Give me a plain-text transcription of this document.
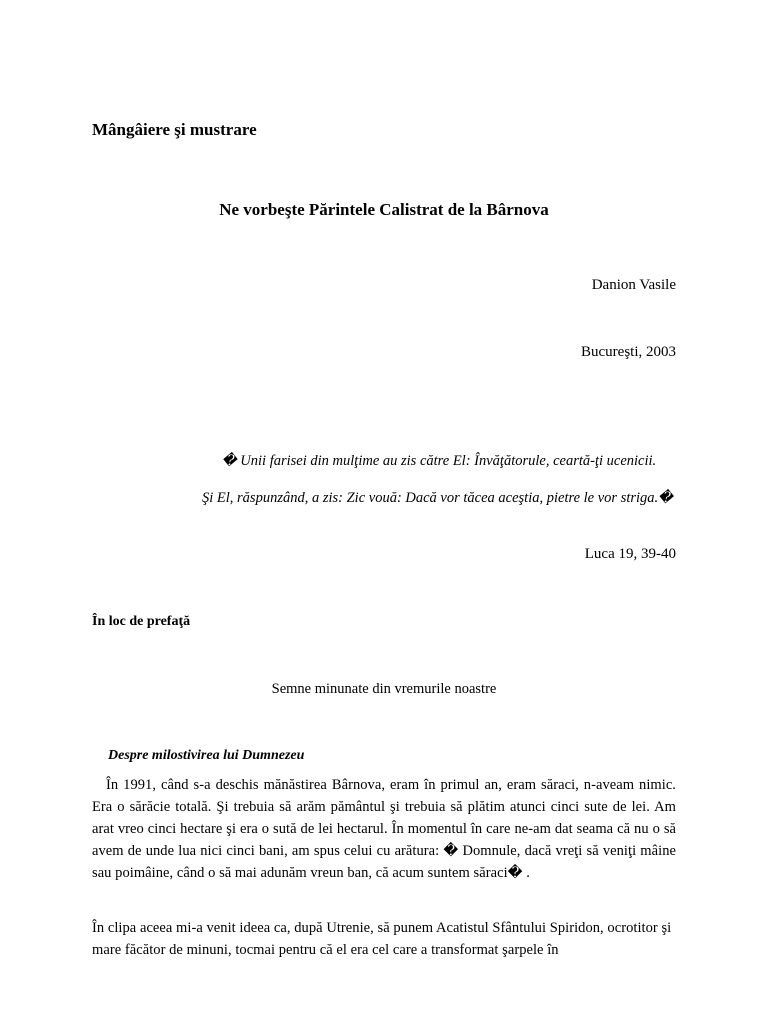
Mângâiere şi mustrare
Ne vorbeşte Părintele Calistrat de la Bârnova
Danion Vasile
Bucureşti, 2003
� Unii farisei din mulţime au zis către El: Învăţătorule, ceartă-ţi ucenicii.
Şi El, răspunzând, a zis: Zic vouă: Dacă vor tăcea aceştia, pietre le vor striga.�
Luca 19, 39-40
În loc de prefaţă
Semne minunate din vremurile noastre
Despre milostivirea lui Dumnezeu
În 1991, când s-a deschis mănăstirea Bârnova, eram în primul an, eram săraci, n-aveam nimic. Era o sărăcie totală. Şi trebuia să arăm pământul şi trebuia să plătim atunci cinci sute de lei. Am arat vreo cinci hectare şi era o sută de lei hectarul. În momentul în care ne-am dat seama că nu o să avem de unde lua nici cinci bani, am spus celui cu arătura: � Domnule, dacă vreţi să veniţi mâine sau poimâine, când o să mai adunăm vreun ban, că acum suntem săraci� .
În clipa aceea mi-a venit ideea ca, după Utrenie, să punem Acatistul Sfântului Spiridon, ocrotitor şi mare făcător de minuni, tocmai pentru că el era cel care a transformat şarpele în
